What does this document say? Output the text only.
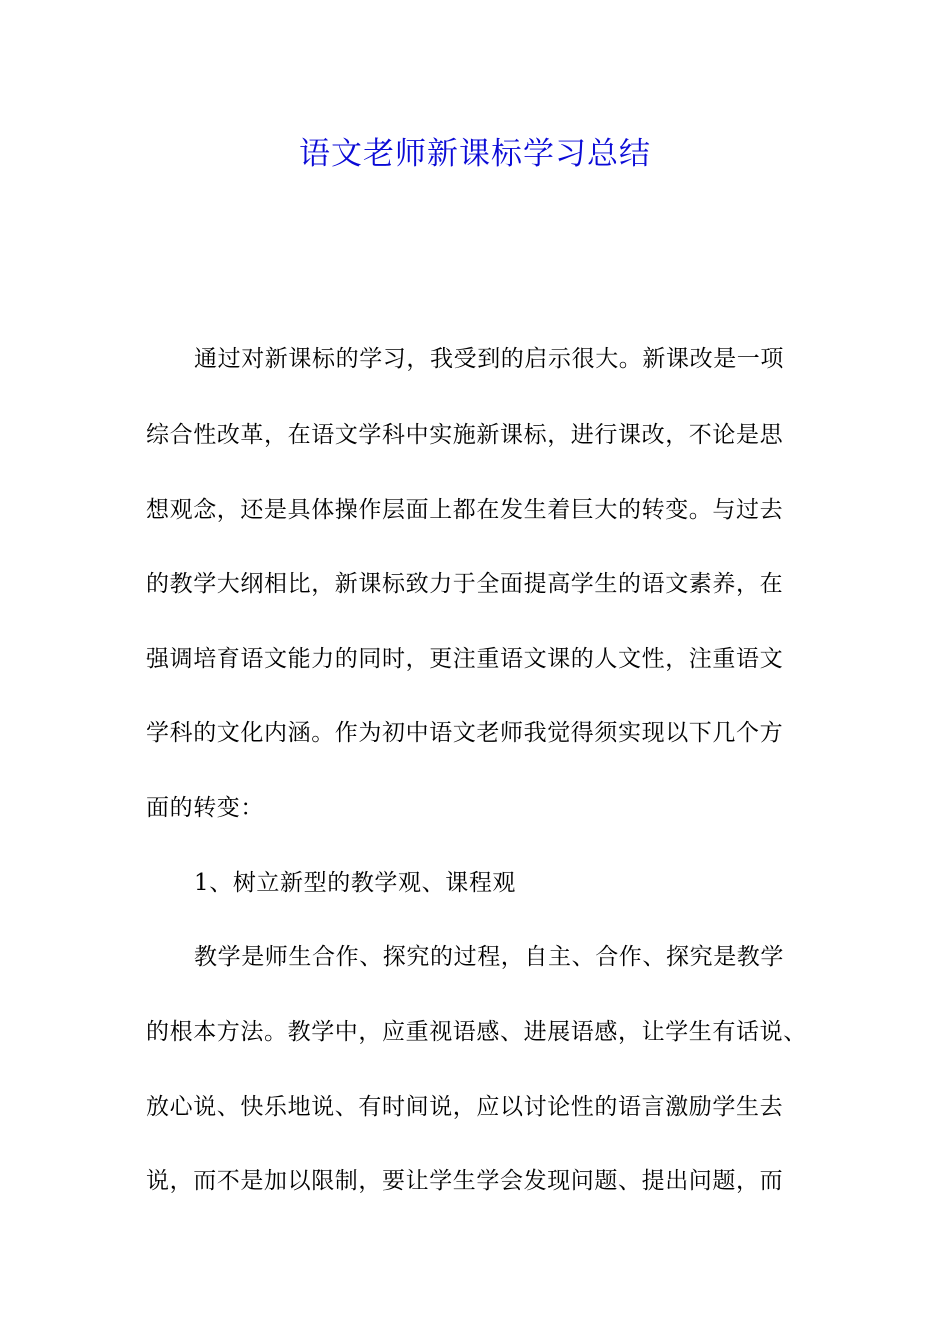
语文老师新课标学习总结

通过对新课标的学习，我受到的启示很大。新课改是一项

综合性改革，在语文学科中实施新课标，进行课改，不论是思

想观念，还是具体操作层面上都在发生着巨大的转变。与过去

的教学大纲相比，新课标致力于全面提高学生的语文素养，在

强调培育语文能力的同时，更注重语文课的人文性，注重语文

学科的文化内涵。作为初中语文老师我觉得须实现以下几个方

面的转变：

1、树立新型的教学观、课程观

教学是师生合作、探究的过程，自主、合作、探究是教学

的根本方法。教学中，应重视语感、进展语感，让学生有话说、

放心说、快乐地说、有时间说，应以讨论性的语言激励学生去

说，而不是加以限制，要让学生学会发现问题、提出问题，而
